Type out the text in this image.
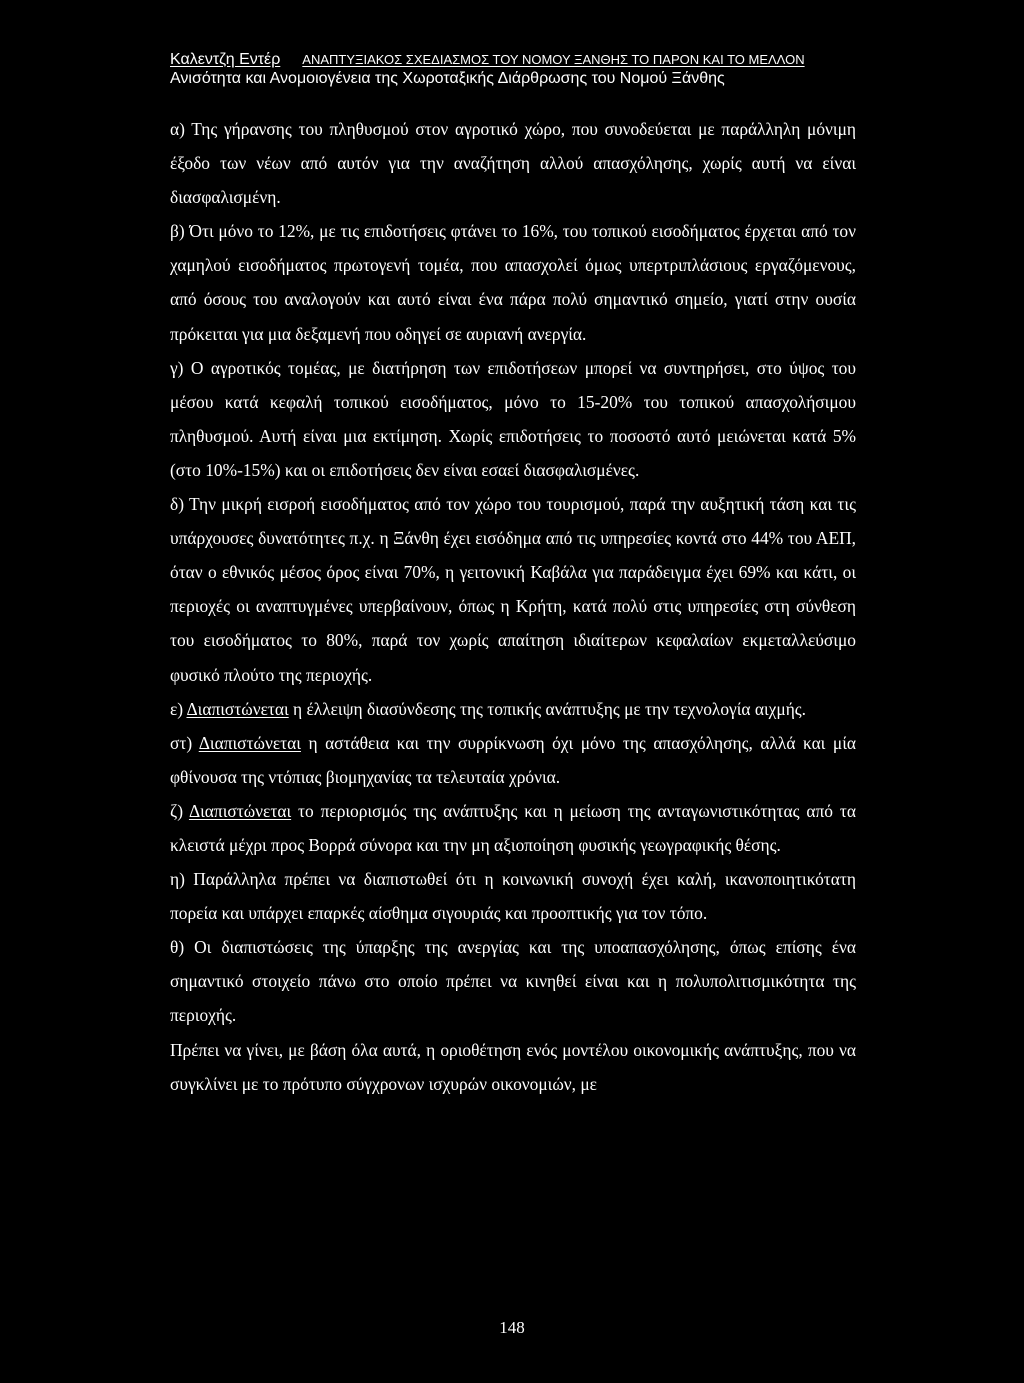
Καλεντζη Εντέρ ΑΝΑΠΤΥΞΙΑΚΟΣ ΣΧΕΔΙΑΣΜΟΣ ΤΟΥ ΝΟΜΟΥ ΞΑΝΘΗΣ ΤΟ ΠΑΡΟΝ ΚΑΙ ΤΟ ΜΕΛΛΟΝ
Ανισότητα και Ανομοιογένεια της Χωροταξικής Διάρθρωσης του Νομού Ξάνθης

α) Της γήρανσης του πληθυσμού στον αγροτικό χώρο, που συνοδεύεται με παράλληλη μόνιμη έξοδο των νέων από αυτόν για την αναζήτηση αλλού απασχόλησης, χωρίς αυτή να είναι διασφαλισμένη.

β) Ότι μόνο το 12%, με τις επιδοτήσεις φτάνει το 16%, του τοπικού εισοδήματος έρχεται από τον χαμηλού εισοδήματος πρωτογενή τομέα, που απασχολεί όμως υπερτριπλάσιους εργαζόμενους, από όσους του αναλογούν και αυτό είναι ένα πάρα πολύ σημαντικό σημείο, γιατί στην ουσία πρόκειται για μια δεξαμενή που οδηγεί σε αυριανή ανεργία.

γ) Ο αγροτικός τομέας, με διατήρηση των επιδοτήσεων μπορεί να συντηρήσει, στο ύψος του μέσου κατά κεφαλή τοπικού εισοδήματος, μόνο το 15-20% του τοπικού απασχολήσιμου πληθυσμού. Αυτή είναι μια εκτίμηση. Χωρίς επιδοτήσεις το ποσοστό αυτό μειώνεται κατά 5% (στο 10%-15%) και οι επιδοτήσεις δεν είναι εσαεί διασφαλισμένες.

δ) Την μικρή εισροή εισοδήματος από τον χώρο του τουρισμού, παρά την αυξητική τάση και τις υπάρχουσες δυνατότητες π.χ. η Ξάνθη έχει εισόδημα από τις υπηρεσίες κοντά στο 44% του ΑΕΠ, όταν ο εθνικός μέσος όρος είναι 70%, η γειτονική Καβάλα για παράδειγμα έχει 69% και κάτι, οι περιοχές οι αναπτυγμένες υπερβαίνουν, όπως η Κρήτη, κατά πολύ στις υπηρεσίες στη σύνθεση του εισοδήματος το 80%, παρά τον χωρίς απαίτηση ιδιαίτερων κεφαλαίων εκμεταλλεύσιμο φυσικό πλούτο της περιοχής.

ε) Διαπιστώνεται η έλλειψη διασύνδεσης της τοπικής ανάπτυξης με την τεχνολογία αιχμής.

στ) Διαπιστώνεται η αστάθεια και την συρρίκνωση όχι μόνο της απασχόλησης, αλλά και μία φθίνουσα της ντόπιας βιομηχανίας τα τελευταία χρόνια.

ζ) Διαπιστώνεται το περιορισμός της ανάπτυξης και η μείωση της ανταγωνιστικότητας από τα κλειστά μέχρι προς Βορρά σύνορα και την μη αξιοποίηση φυσικής γεωγραφικής θέσης.

η) Παράλληλα πρέπει να διαπιστωθεί ότι η κοινωνική συνοχή έχει καλή, ικανοποιητικότατη πορεία και υπάρχει επαρκές αίσθημα σιγουριάς και προοπτικής για τον τόπο.

θ) Οι διαπιστώσεις της ύπαρξης της ανεργίας και της υποαπασχόλησης, όπως επίσης ένα σημαντικό στοιχείο πάνω στο οποίο πρέπει να κινηθεί είναι και η πολυπολιτισμικότητα της περιοχής.

Πρέπει να γίνει, με βάση όλα αυτά, η οριοθέτηση ενός μοντέλου οικονομικής ανάπτυξης, που να συγκλίνει με το πρότυπο σύγχρονων ισχυρών οικονομιών, με

148
